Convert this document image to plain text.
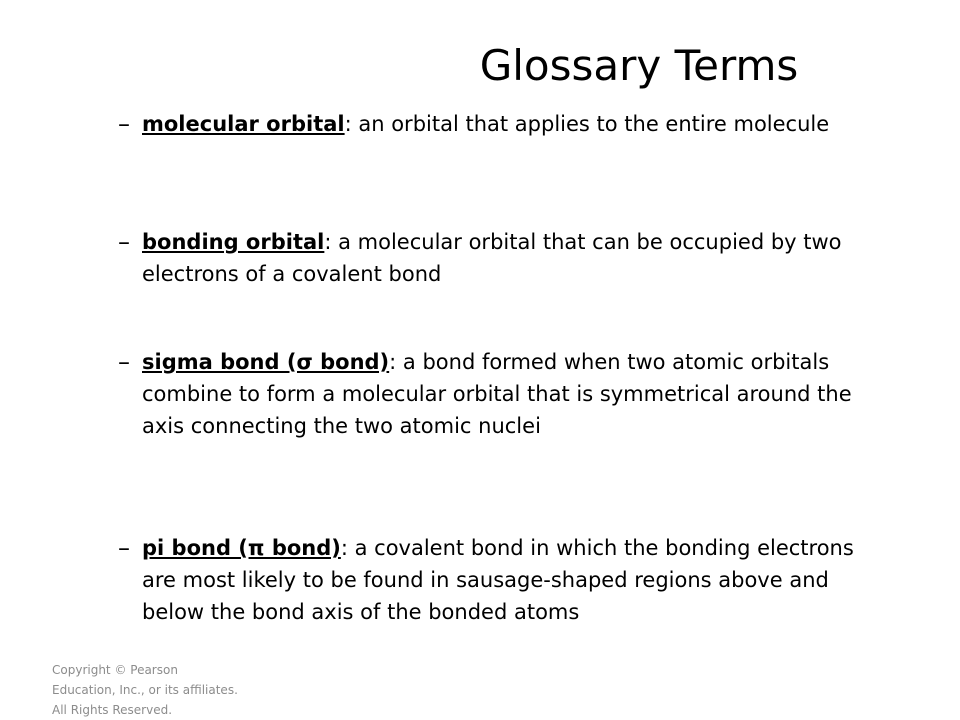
Glossary Terms
– molecular orbital: an orbital that applies to the entire molecule
– bonding orbital: a molecular orbital that can be occupied by two electrons of a covalent bond
– sigma bond (σ bond): a bond formed when two atomic orbitals combine to form a molecular orbital that is symmetrical around the axis connecting the two atomic nuclei
– pi bond (π bond): a covalent bond in which the bonding electrons are most likely to be found in sausage-shaped regions above and below the bond axis of the bonded atoms
Copyright © Pearson
Education, Inc., or its affiliates.
All Rights Reserved.
